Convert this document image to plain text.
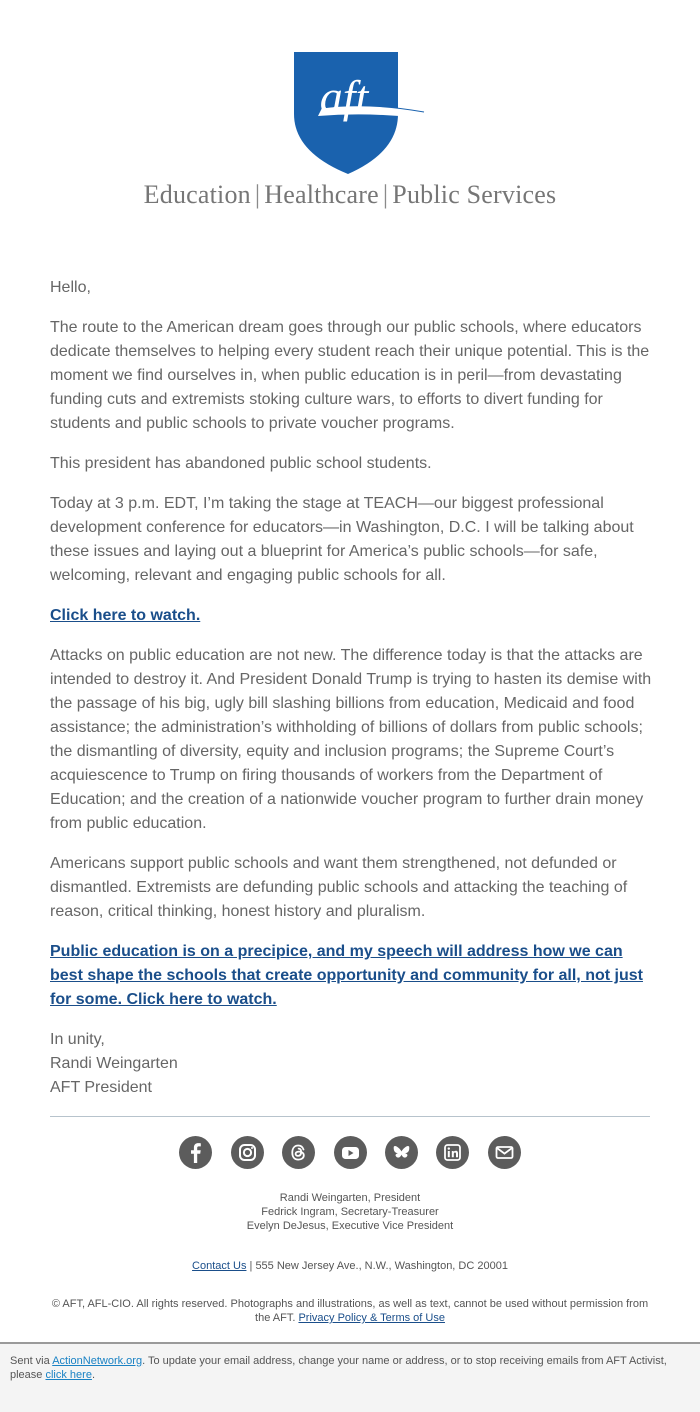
aft
Education | Healthcare | Public Services

Hello,

The route to the American dream goes through our public schools, where educators dedicate themselves to helping every student reach their unique potential. This is the moment we find ourselves in, when public education is in peril—from devastating funding cuts and extremists stoking culture wars, to efforts to divert funding for students and public schools to private voucher programs.

This president has abandoned public school students.

Today at 3 p.m. EDT, I’m taking the stage at TEACH—our biggest professional development conference for educators—in Washington, D.C. I will be talking about these issues and laying out a blueprint for America’s public schools—for safe, welcoming, relevant and engaging public schools for all.

Click here to watch.

Attacks on public education are not new. The difference today is that the attacks are intended to destroy it. And President Donald Trump is trying to hasten its demise with the passage of his big, ugly bill slashing billions from education, Medicaid and food assistance; the administration’s withholding of billions of dollars from public schools; the dismantling of diversity, equity and inclusion programs; the Supreme Court’s acquiescence to Trump on firing thousands of workers from the Department of Education; and the creation of a nationwide voucher program to further drain money from public education.

Americans support public schools and want them strengthened, not defunded or dismantled. Extremists are defunding public schools and attacking the teaching of reason, critical thinking, honest history and pluralism.

Public education is on a precipice, and my speech will address how we can best shape the schools that create opportunity and community for all, not just for some. Click here to watch.

In unity,

Randi Weingarten

AFT President

Randi Weingarten, President
Fedrick Ingram, Secretary-Treasurer
Evelyn DeJesus, Executive Vice President
Contact Us | 555 New Jersey Ave., N.W., Washington, DC 20001
© AFT, AFL-CIO. All rights reserved. Photographs and illustrations, as well as text, cannot be used without permission from the AFT. Privacy Policy & Terms of Use
Sent via ActionNetwork.org. To update your email address, change your name or address, or to stop receiving emails from AFT Activist, please click here.
